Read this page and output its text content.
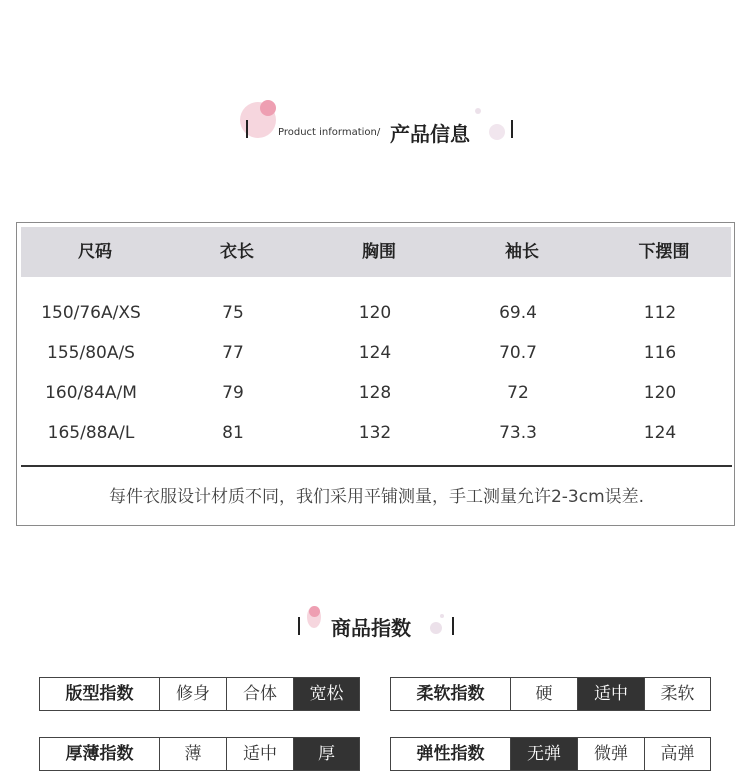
Product information/ 产品信息
尺码	衣长	胸围	袖长	下摆围
150/76A/XS	75	120	69.4	112
155/80A/S	77	124	70.7	116
160/84A/M	79	128	72	120
165/88A/L	81	132	73.3	124
每件衣服设计材质不同，我们采用平铺测量，手工测量允许2-3cm误差.
商品指数
版型指数	修身	合体	宽松	柔软指数	硬	适中	柔软
厚薄指数	薄	适中	厚	弹性指数	无弹	微弹	高弹
